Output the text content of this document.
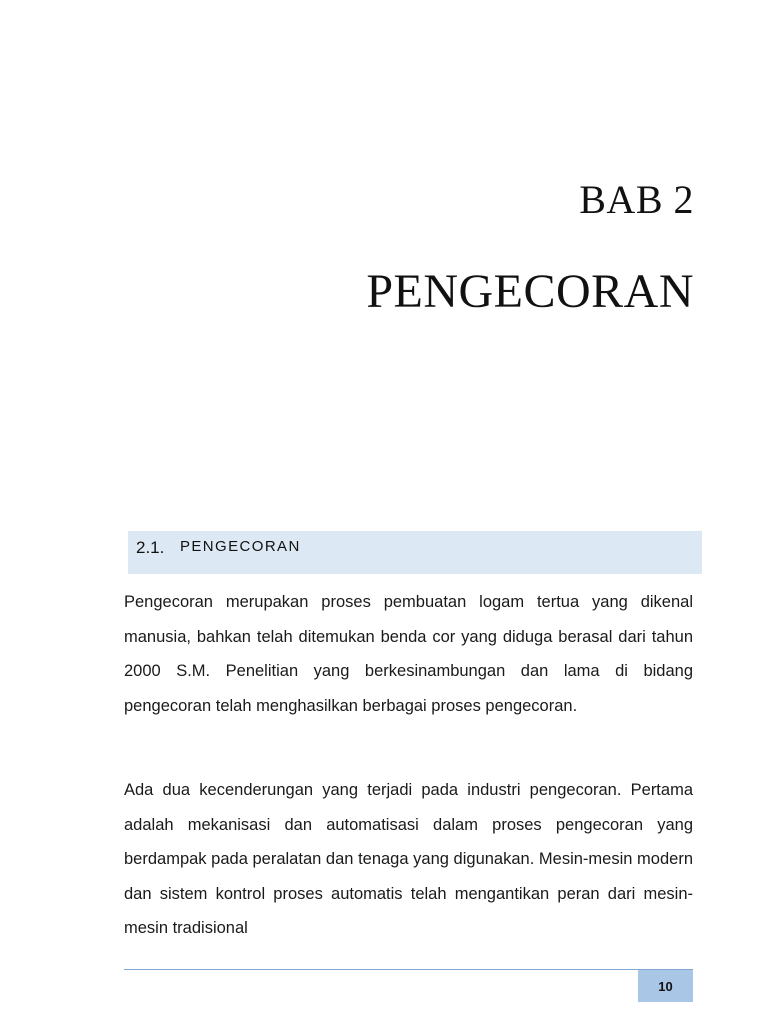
BAB 2
PENGECORAN
2.1. PENGECORAN

Pengecoran merupakan proses pembuatan logam tertua yang dikenal manusia, bahkan telah ditemukan benda cor yang diduga berasal dari tahun 2000 S.M. Penelitian yang berkesinambungan dan lama di bidang pengecoran telah menghasilkan berbagai proses pengecoran.

Ada dua kecenderungan yang terjadi pada industri pengecoran. Pertama adalah mekanisasi dan automatisasi dalam proses pengecoran yang berdampak pada peralatan dan tenaga yang digunakan. Mesin-mesin modern dan sistem kontrol proses automatis telah mengantikan peran dari mesin-mesin tradisional

10
